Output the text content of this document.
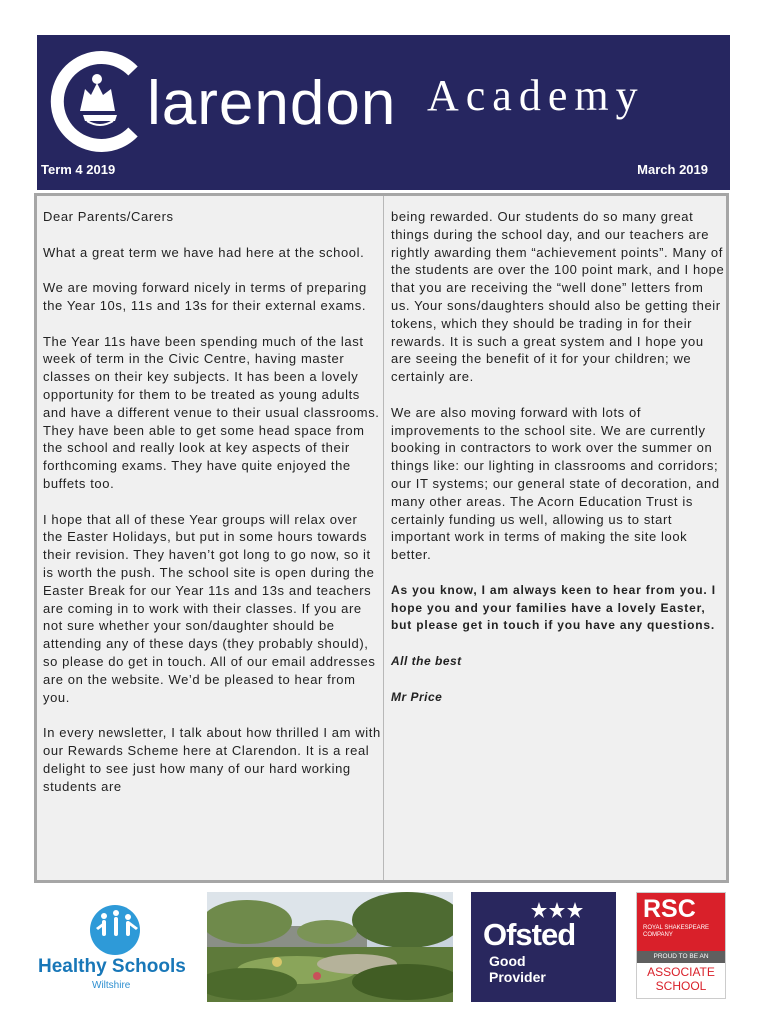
larendon Academy
Term 4 2019	March 2019

Dear Parents/Carers

What a great term we have had here at the school.

We are moving forward nicely in terms of preparing the Year 10s, 11s and 13s for their external exams.

The Year 11s have been spending much of the last week of term in the Civic Centre, having master classes on their key subjects. It has been a lovely opportunity for them to be treated as young adults and have a different venue to their usual classrooms. They have been able to get some head space from the school and really look at key aspects of their forthcoming exams. They have quite enjoyed the buffets too.

I hope that all of these Year groups will relax over the Easter Holidays, but put in some hours towards their revision. They haven’t got long to go now, so it is worth the push. The school site is open during the Easter Break for our Year 11s and 13s and teachers are coming in to work with their classes. If you are not sure whether your son/daughter should be attending any of these days (they probably should), so please do get in touch. All of our email addresses are on the website. We’d be pleased to hear from you.

In every newsletter, I talk about how thrilled I am with our Rewards Scheme here at Clarendon. It is a real delight to see just how many of our hard working students are

being rewarded. Our students do so many great things during the school day, and our teachers are rightly awarding them “achievement points”. Many of the students are over the 100 point mark, and I hope that you are receiving the “well done” letters from us. Your sons/daughters should also be getting their tokens, which they should be trading in for their rewards. It is such a great system and I hope you are seeing the benefit of it for your children; we certainly are.

We are also moving forward with lots of improvements to the school site. We are currently booking in contractors to work over the summer on things like: our lighting in classrooms and corridors; our IT systems; our general state of decoration, and many other areas. The Acorn Education Trust is certainly funding us well, allowing us to start important work in terms of making the site look better.

As you know, I am always keen to hear from you. I hope you and your families have a lovely Easter, but please get in touch if you have any questions.

All the best

Mr Price

Healthy Schools
Wiltshire
Ofsted
Good
Provider
RSC
ROYAL SHAKESPEARE COMPANY
PROUD TO BE AN
ASSOCIATE
SCHOOL
